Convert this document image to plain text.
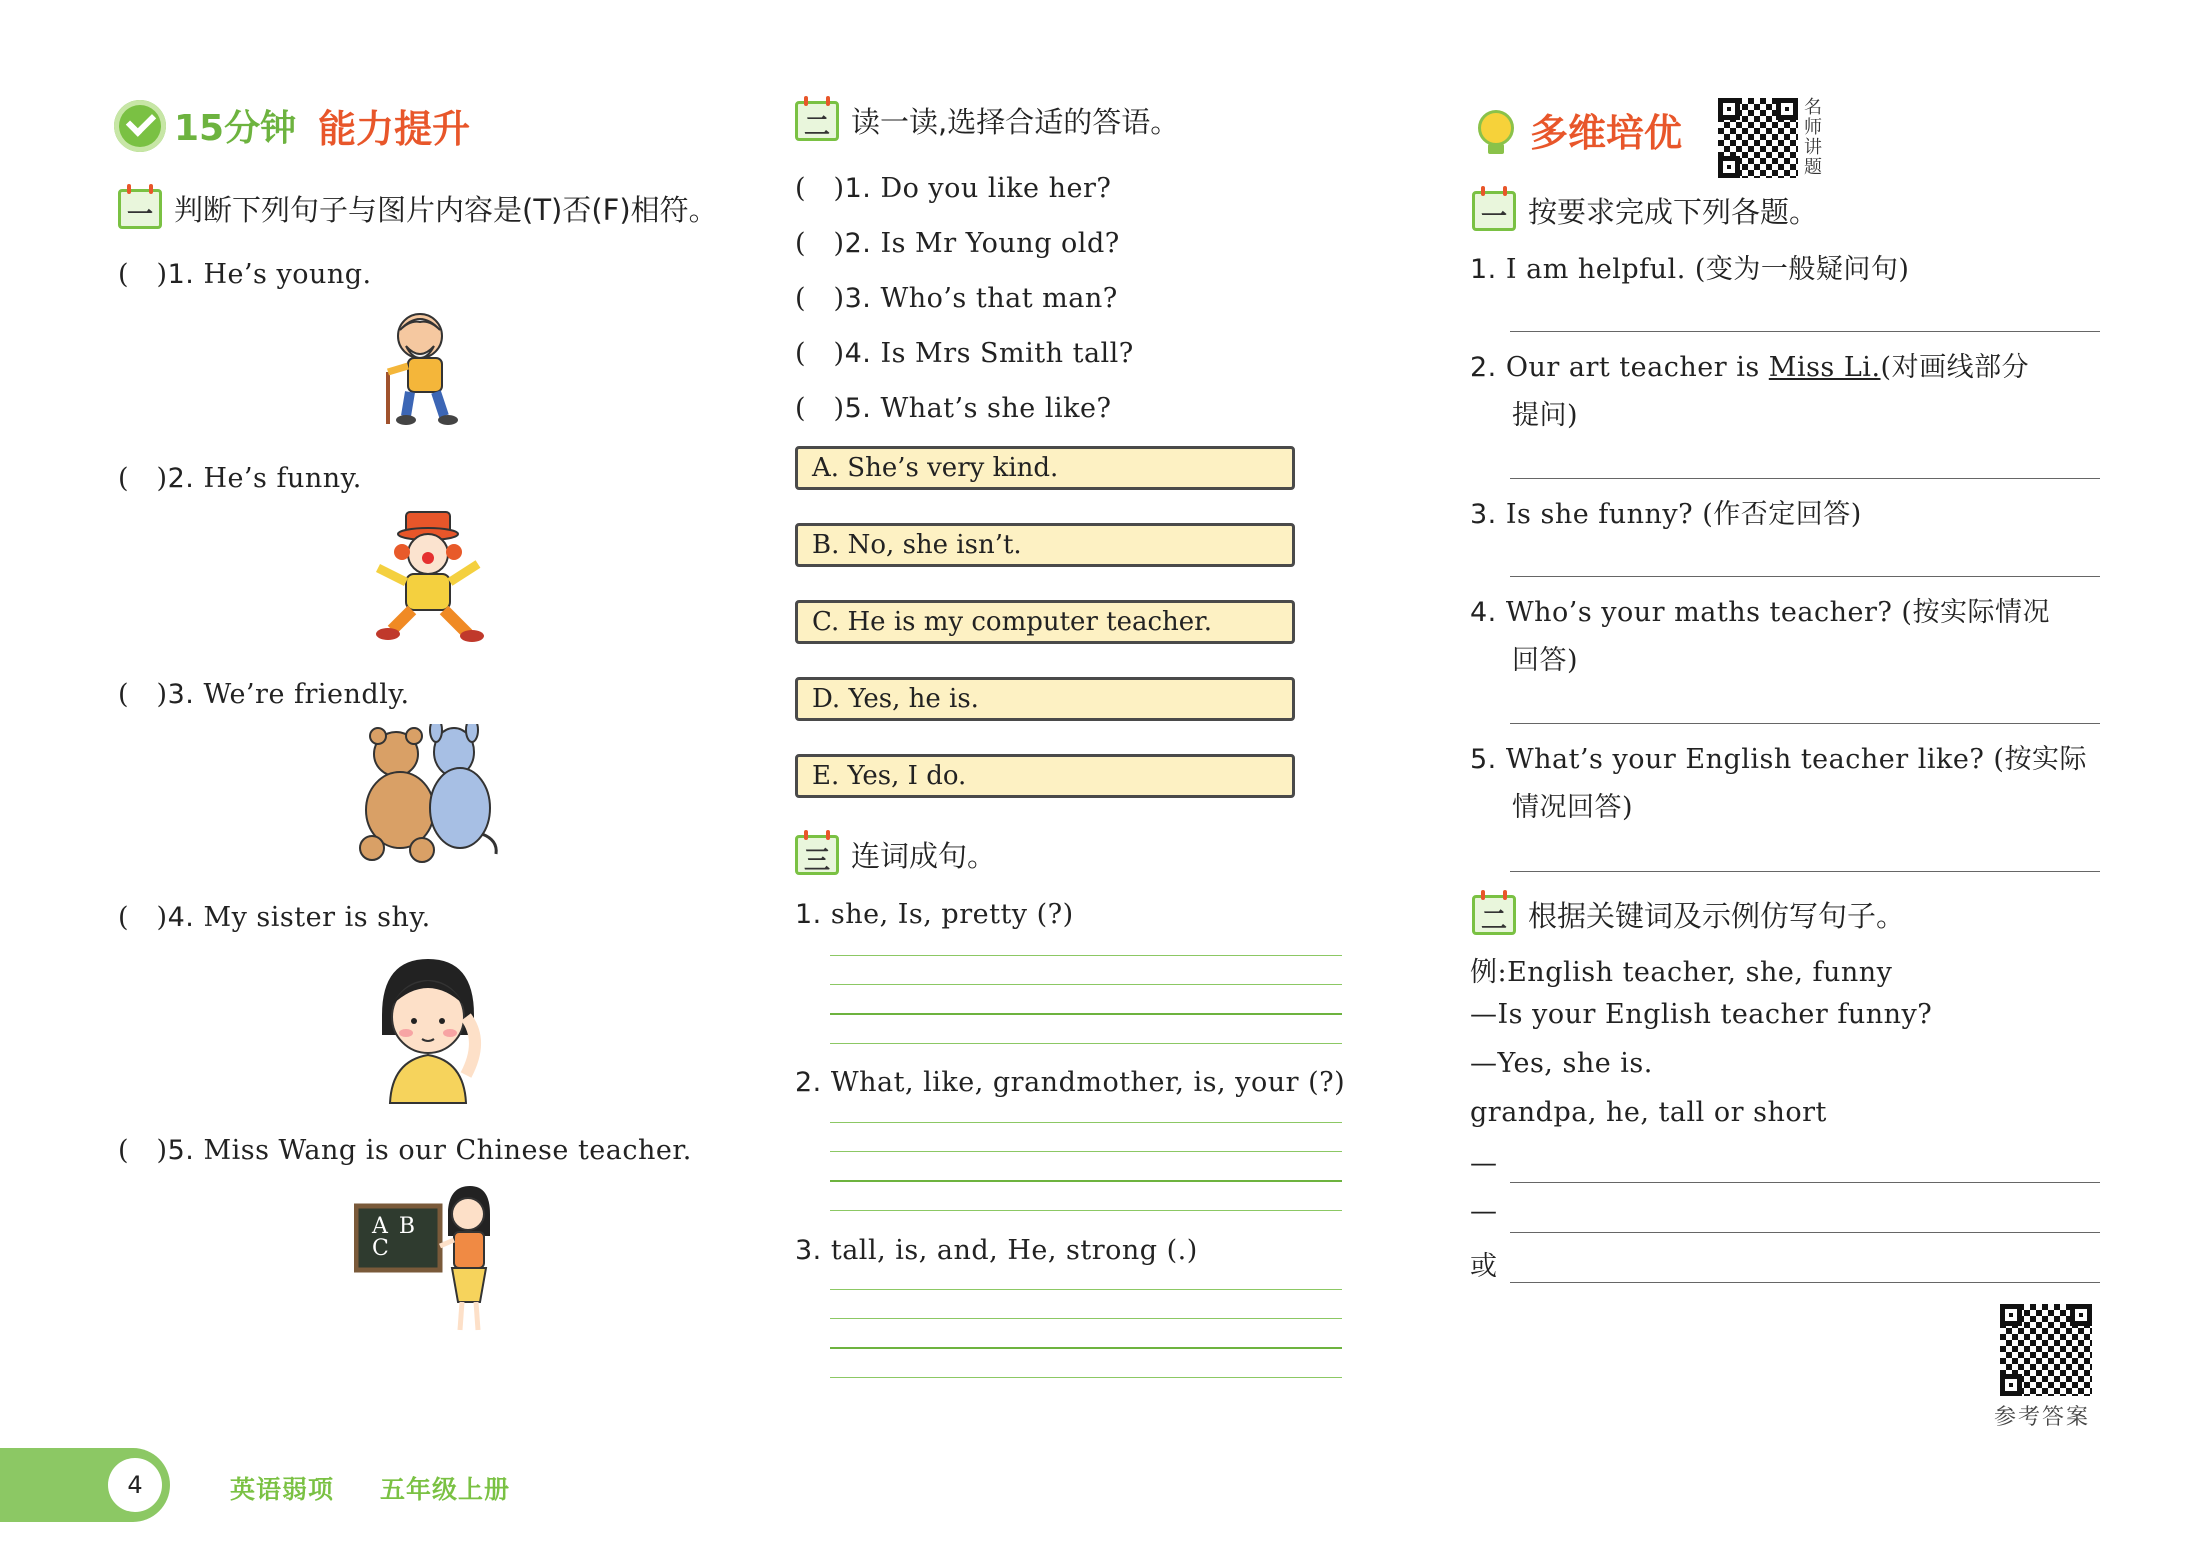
15分钟 能力提升
一 判断下列句子与图片内容是(T)否(F)相符。
(　)1. He’s young.
(　)2. He’s funny.
(　)3. We’re friendly.
(　)4. My sister is shy.
(　)5. Miss Wang is our Chinese teacher.
A B C
二 读一读,选择合适的答语。
(　)1. Do you like her?
(　)2. Is Mr Young old?
(　)3. Who’s that man?
(　)4. Is Mrs Smith tall?
(　)5. What’s she like?
A. She’s very kind.
B. No, she isn’t.
C. He is my computer teacher.
D. Yes, he is.
E. Yes, I do.
三 连词成句。
1. she, Is, pretty (?)
2. What, like, grandmother, is, your (?)
3. tall, is, and, He, strong (.)
多维培优
名师讲题
一 按要求完成下列各题。
1. I am helpful. (变为一般疑问句)
2. Our art teacher is Miss Li.(对画线部分
提问)
3. Is she funny? (作否定回答)
4. Who’s your maths teacher? (按实际情况
回答)
5. What’s your English teacher like? (按实际
情况回答)
二 根据关键词及示例仿写句子。
例:English teacher, she, funny
—Is your English teacher funny?
—Yes, she is.
grandpa, he, tall or short
—
—
或
参考答案
4	英语弱项 五年级上册
